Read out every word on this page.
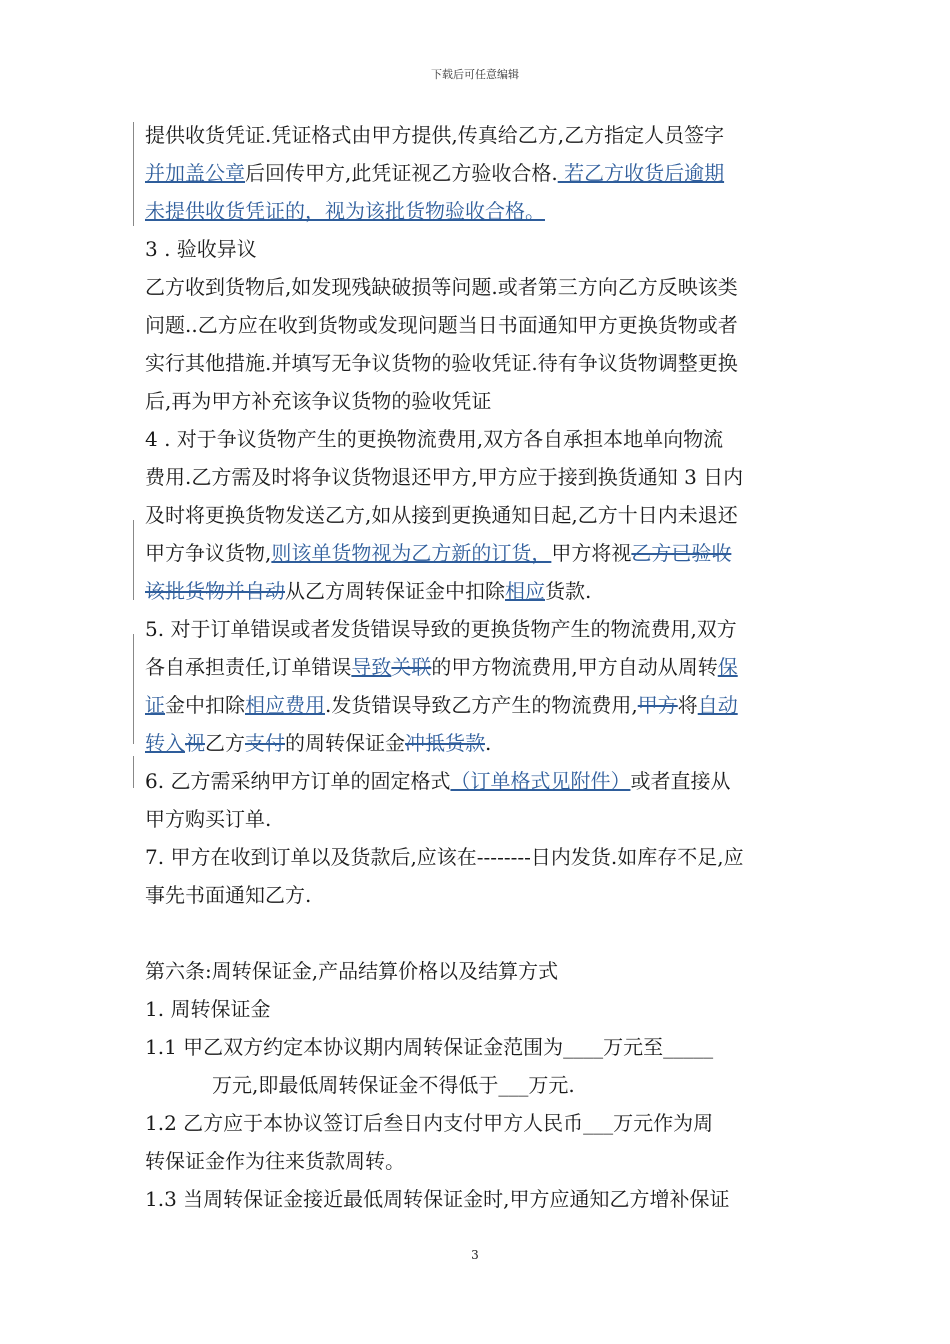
下载后可任意编辑
提供收货凭证.凭证格式由甲方提供,传真给乙方,乙方指定人员签字
并加盖公章后回传甲方,此凭证视乙方验收合格. 若乙方收货后逾期
未提供收货凭证的，视为该批货物验收合格。
3 . 验收异议
乙方收到货物后,如发现残缺破损等问题.或者第三方向乙方反映该类
问题..乙方应在收到货物或发现问题当日书面通知甲方更换货物或者
实行其他措施.并填写无争议货物的验收凭证.待有争议货物调整更换
后,再为甲方补充该争议货物的验收凭证
4 . 对于争议货物产生的更换物流费用,双方各自承担本地单向物流
费用.乙方需及时将争议货物退还甲方,甲方应于接到换货通知 3 日内
及时将更换货物发送乙方,如从接到更换通知日起,乙方十日内未退还
甲方争议货物,则该单货物视为乙方新的订货，甲方将视乙方已验收
该批货物并自动从乙方周转保证金中扣除相应货款.
5. 对于订单错误或者发货错误导致的更换货物产生的物流费用,双方
各自承担责任,订单错误导致关联的甲方物流费用,甲方自动从周转保
证金中扣除相应费用.发货错误导致乙方产生的物流费用,甲方将自动
转入视乙方支付的周转保证金冲抵货款.
6. 乙方需采纳甲方订单的固定格式（订单格式见附件）或者直接从
甲方购买订单.
7. 甲方在收到订单以及货款后,应该在--------日内发货.如库存不足,应
事先书面通知乙方.
第六条:周转保证金,产品结算价格以及结算方式
1. 周转保证金
1.1 甲乙双方约定本协议期内周转保证金范围为____万元至_____
万元,即最低周转保证金不得低于___万元.
1.2 乙方应于本协议签订后叁日内支付甲方人民币___万元作为周
转保证金作为往来货款周转。
1.3 当周转保证金接近最低周转保证金时,甲方应通知乙方增补保证
3
